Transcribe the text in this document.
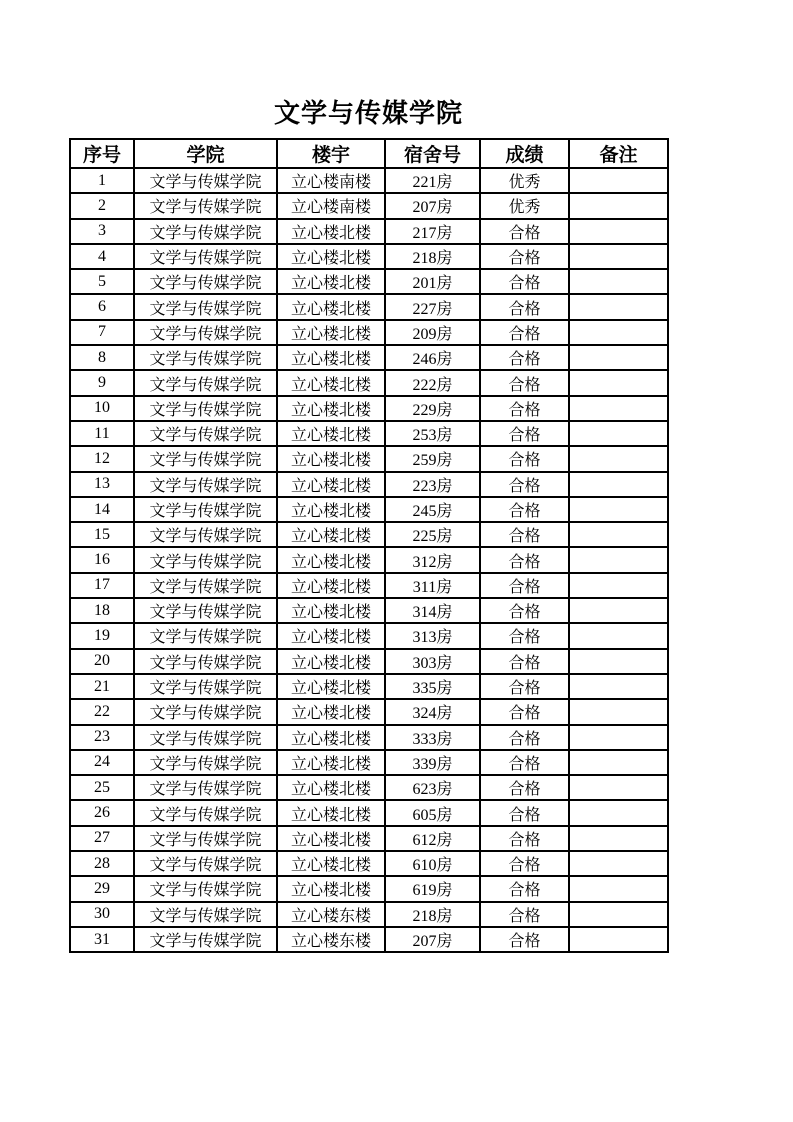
文学与传媒学院
序号	学院	楼宇	宿舍号	成绩	备注
1	文学与传媒学院	立心楼南楼	221房	优秀	
2	文学与传媒学院	立心楼南楼	207房	优秀	
3	文学与传媒学院	立心楼北楼	217房	合格	
4	文学与传媒学院	立心楼北楼	218房	合格	
5	文学与传媒学院	立心楼北楼	201房	合格	
6	文学与传媒学院	立心楼北楼	227房	合格	
7	文学与传媒学院	立心楼北楼	209房	合格	
8	文学与传媒学院	立心楼北楼	246房	合格	
9	文学与传媒学院	立心楼北楼	222房	合格	
10	文学与传媒学院	立心楼北楼	229房	合格	
11	文学与传媒学院	立心楼北楼	253房	合格	
12	文学与传媒学院	立心楼北楼	259房	合格	
13	文学与传媒学院	立心楼北楼	223房	合格	
14	文学与传媒学院	立心楼北楼	245房	合格	
15	文学与传媒学院	立心楼北楼	225房	合格	
16	文学与传媒学院	立心楼北楼	312房	合格	
17	文学与传媒学院	立心楼北楼	311房	合格	
18	文学与传媒学院	立心楼北楼	314房	合格	
19	文学与传媒学院	立心楼北楼	313房	合格	
20	文学与传媒学院	立心楼北楼	303房	合格	
21	文学与传媒学院	立心楼北楼	335房	合格	
22	文学与传媒学院	立心楼北楼	324房	合格	
23	文学与传媒学院	立心楼北楼	333房	合格	
24	文学与传媒学院	立心楼北楼	339房	合格	
25	文学与传媒学院	立心楼北楼	623房	合格	
26	文学与传媒学院	立心楼北楼	605房	合格	
27	文学与传媒学院	立心楼北楼	612房	合格	
28	文学与传媒学院	立心楼北楼	610房	合格	
29	文学与传媒学院	立心楼北楼	619房	合格	
30	文学与传媒学院	立心楼东楼	218房	合格	
31	文学与传媒学院	立心楼东楼	207房	合格	
